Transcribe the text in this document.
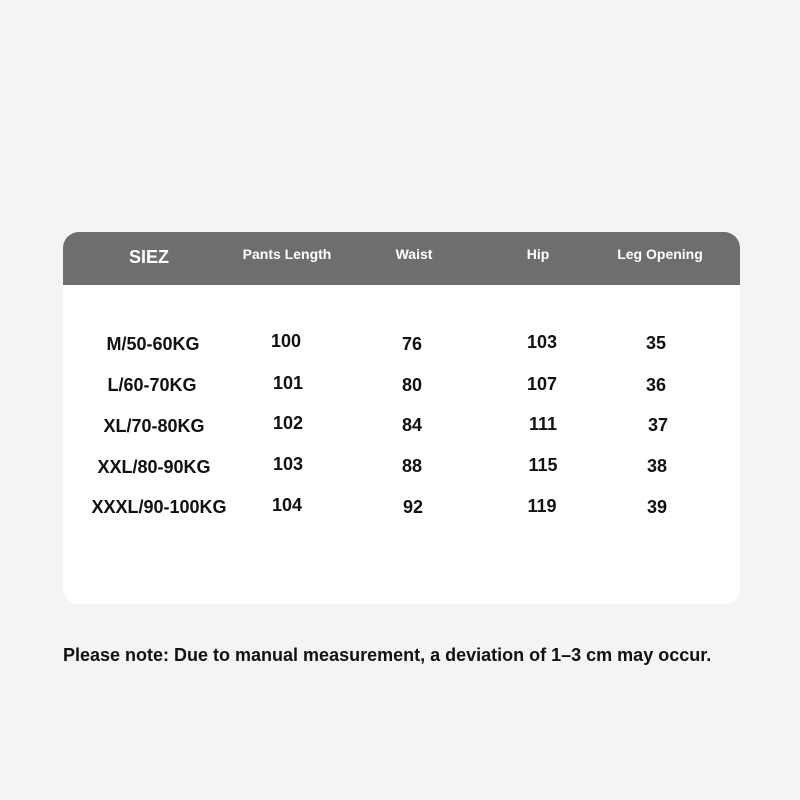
SIEZ	Pants Length	Waist	Hip	Leg Opening
M/50-60KG	100	76	103	35
L/60-70KG	101	80	107	36
XL/70-80KG	102	84	111	37
XXL/80-90KG	103	88	115	38
XXXL/90-100KG	104	92	119	39
Please note: Due to manual measurement, a deviation of 1–3 cm may occur.
